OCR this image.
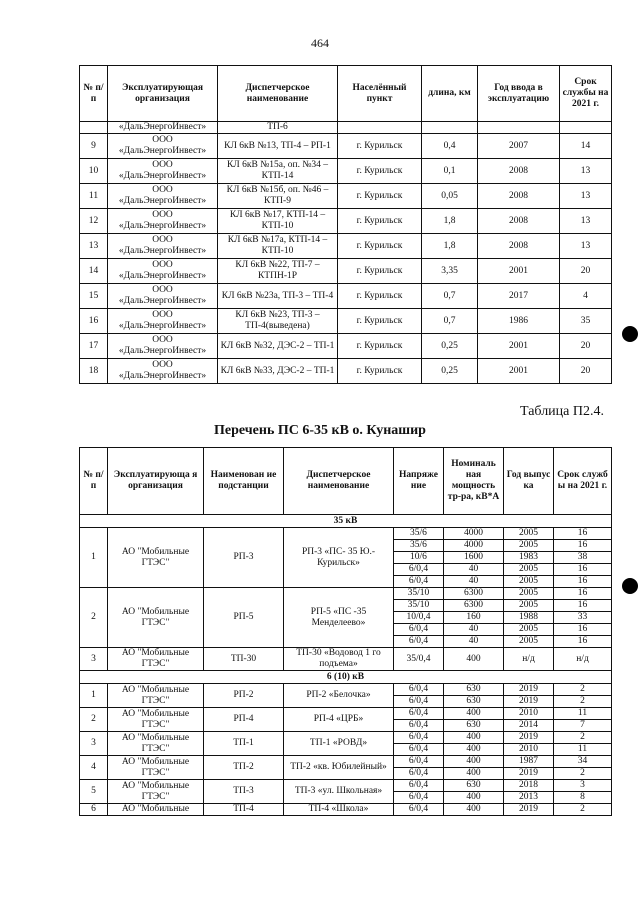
464
№ п/п	Эксплуатирующая организация	Диспетчерское наименование	Населённый пункт	длина, км	Год ввода в эксплуатацию	Срок службы на 2021 г.
	«ДальЭнергоИнвест»	ТП-6				
9	ООО «ДальЭнергоИнвест»	КЛ 6кВ №13, ТП-4 – РП-1	г. Курильск	0,4	2007	14
10	ООО «ДальЭнергоИнвест»	КЛ 6кВ №15а, оп. №34 – КТП-14	г. Курильск	0,1	2008	13
11	ООО «ДальЭнергоИнвест»	КЛ 6кВ №15б, оп. №46 – КТП-9	г. Курильск	0,05	2008	13
12	ООО «ДальЭнергоИнвест»	КЛ 6кВ №17, КТП-14 – КТП-10	г. Курильск	1,8	2008	13
13	ООО «ДальЭнергоИнвест»	КЛ 6кВ №17а, КТП-14 – КТП-10	г. Курильск	1,8	2008	13
14	ООО «ДальЭнергоИнвест»	КЛ 6кВ №22, ТП-7 – КТПН-1Р	г. Курильск	3,35	2001	20
15	ООО «ДальЭнергоИнвест»	КЛ 6кВ №23а, ТП-3 – ТП-4	г. Курильск	0,7	2017	4
16	ООО «ДальЭнергоИнвест»	КЛ 6кВ №23, ТП-3 – ТП-4(выведена)	г. Курильск	0,7	1986	35
17	ООО «ДальЭнергоИнвест»	КЛ 6кВ №32, ДЭС-2 – ТП-1	г. Курильск	0,25	2001	20
18	ООО «ДальЭнергоИнвест»	КЛ 6кВ №33, ДЭС-2 – ТП-1	г. Курильск	0,25	2001	20
Таблица П2.4.
Перечень ПС 6-35 кВ о. Кунашир
№ п/ п	Эксплуатирующа я организация	Наименован ие подстанции	Диспетчерское наименование	Напряже ние	Номиналь ная мощность тр-ра, кВ*А	Год выпус ка	Срок служб ы на 2021 г.
35 кВ							
1	АО "Мобильные ГТЭС"	РП-3	РП-3 «ПС- 35 Ю.-Курильск»	35/6	4000	2005	16
				35/6	4000	2005	16
				10/6	1600	1983	38
				6/0,4	40	2005	16
				6/0,4	40	2005	16
2	АО "Мобильные ГТЭС"	РП-5	РП-5 «ПС -35 Менделеево»	35/10	6300	2005	16
				35/10	6300	2005	16
				10/0,4	160	1988	33
				6/0,4	40	2005	16
				6/0,4	40	2005	16
3	АО "Мобильные ГТЭС"	ТП-30	ТП-30 «Водовод 1 го подъема»	35/0,4	400	н/д	н/д
6 (10) кВ							
1	АО "Мобильные ГТЭС"	РП-2	РП-2 «Белочка»	6/0,4	630	2019	2
				6/0,4	630	2019	2
2	АО "Мобильные ГТЭС"	РП-4	РП-4 «ЦРБ»	6/0,4	400	2010	11
				6/0,4	630	2014	7
3	АО "Мобильные ГТЭС"	ТП-1	ТП-1 «РОВД»	6/0,4	400	2019	2
				6/0,4	400	2010	11
4	АО "Мобильные ГТЭС"	ТП-2	ТП-2 «кв. Юбилейный»	6/0,4	400	1987	34
				6/0,4	400	2019	2
5	АО "Мобильные ГТЭС"	ТП-3	ТП-3 «ул. Школьная»	6/0,4	630	2018	3
				6/0,4	400	2013	8
6	АО "Мобильные	ТП-4	ТП-4 «Школа»	6/0,4	400	2019	2
